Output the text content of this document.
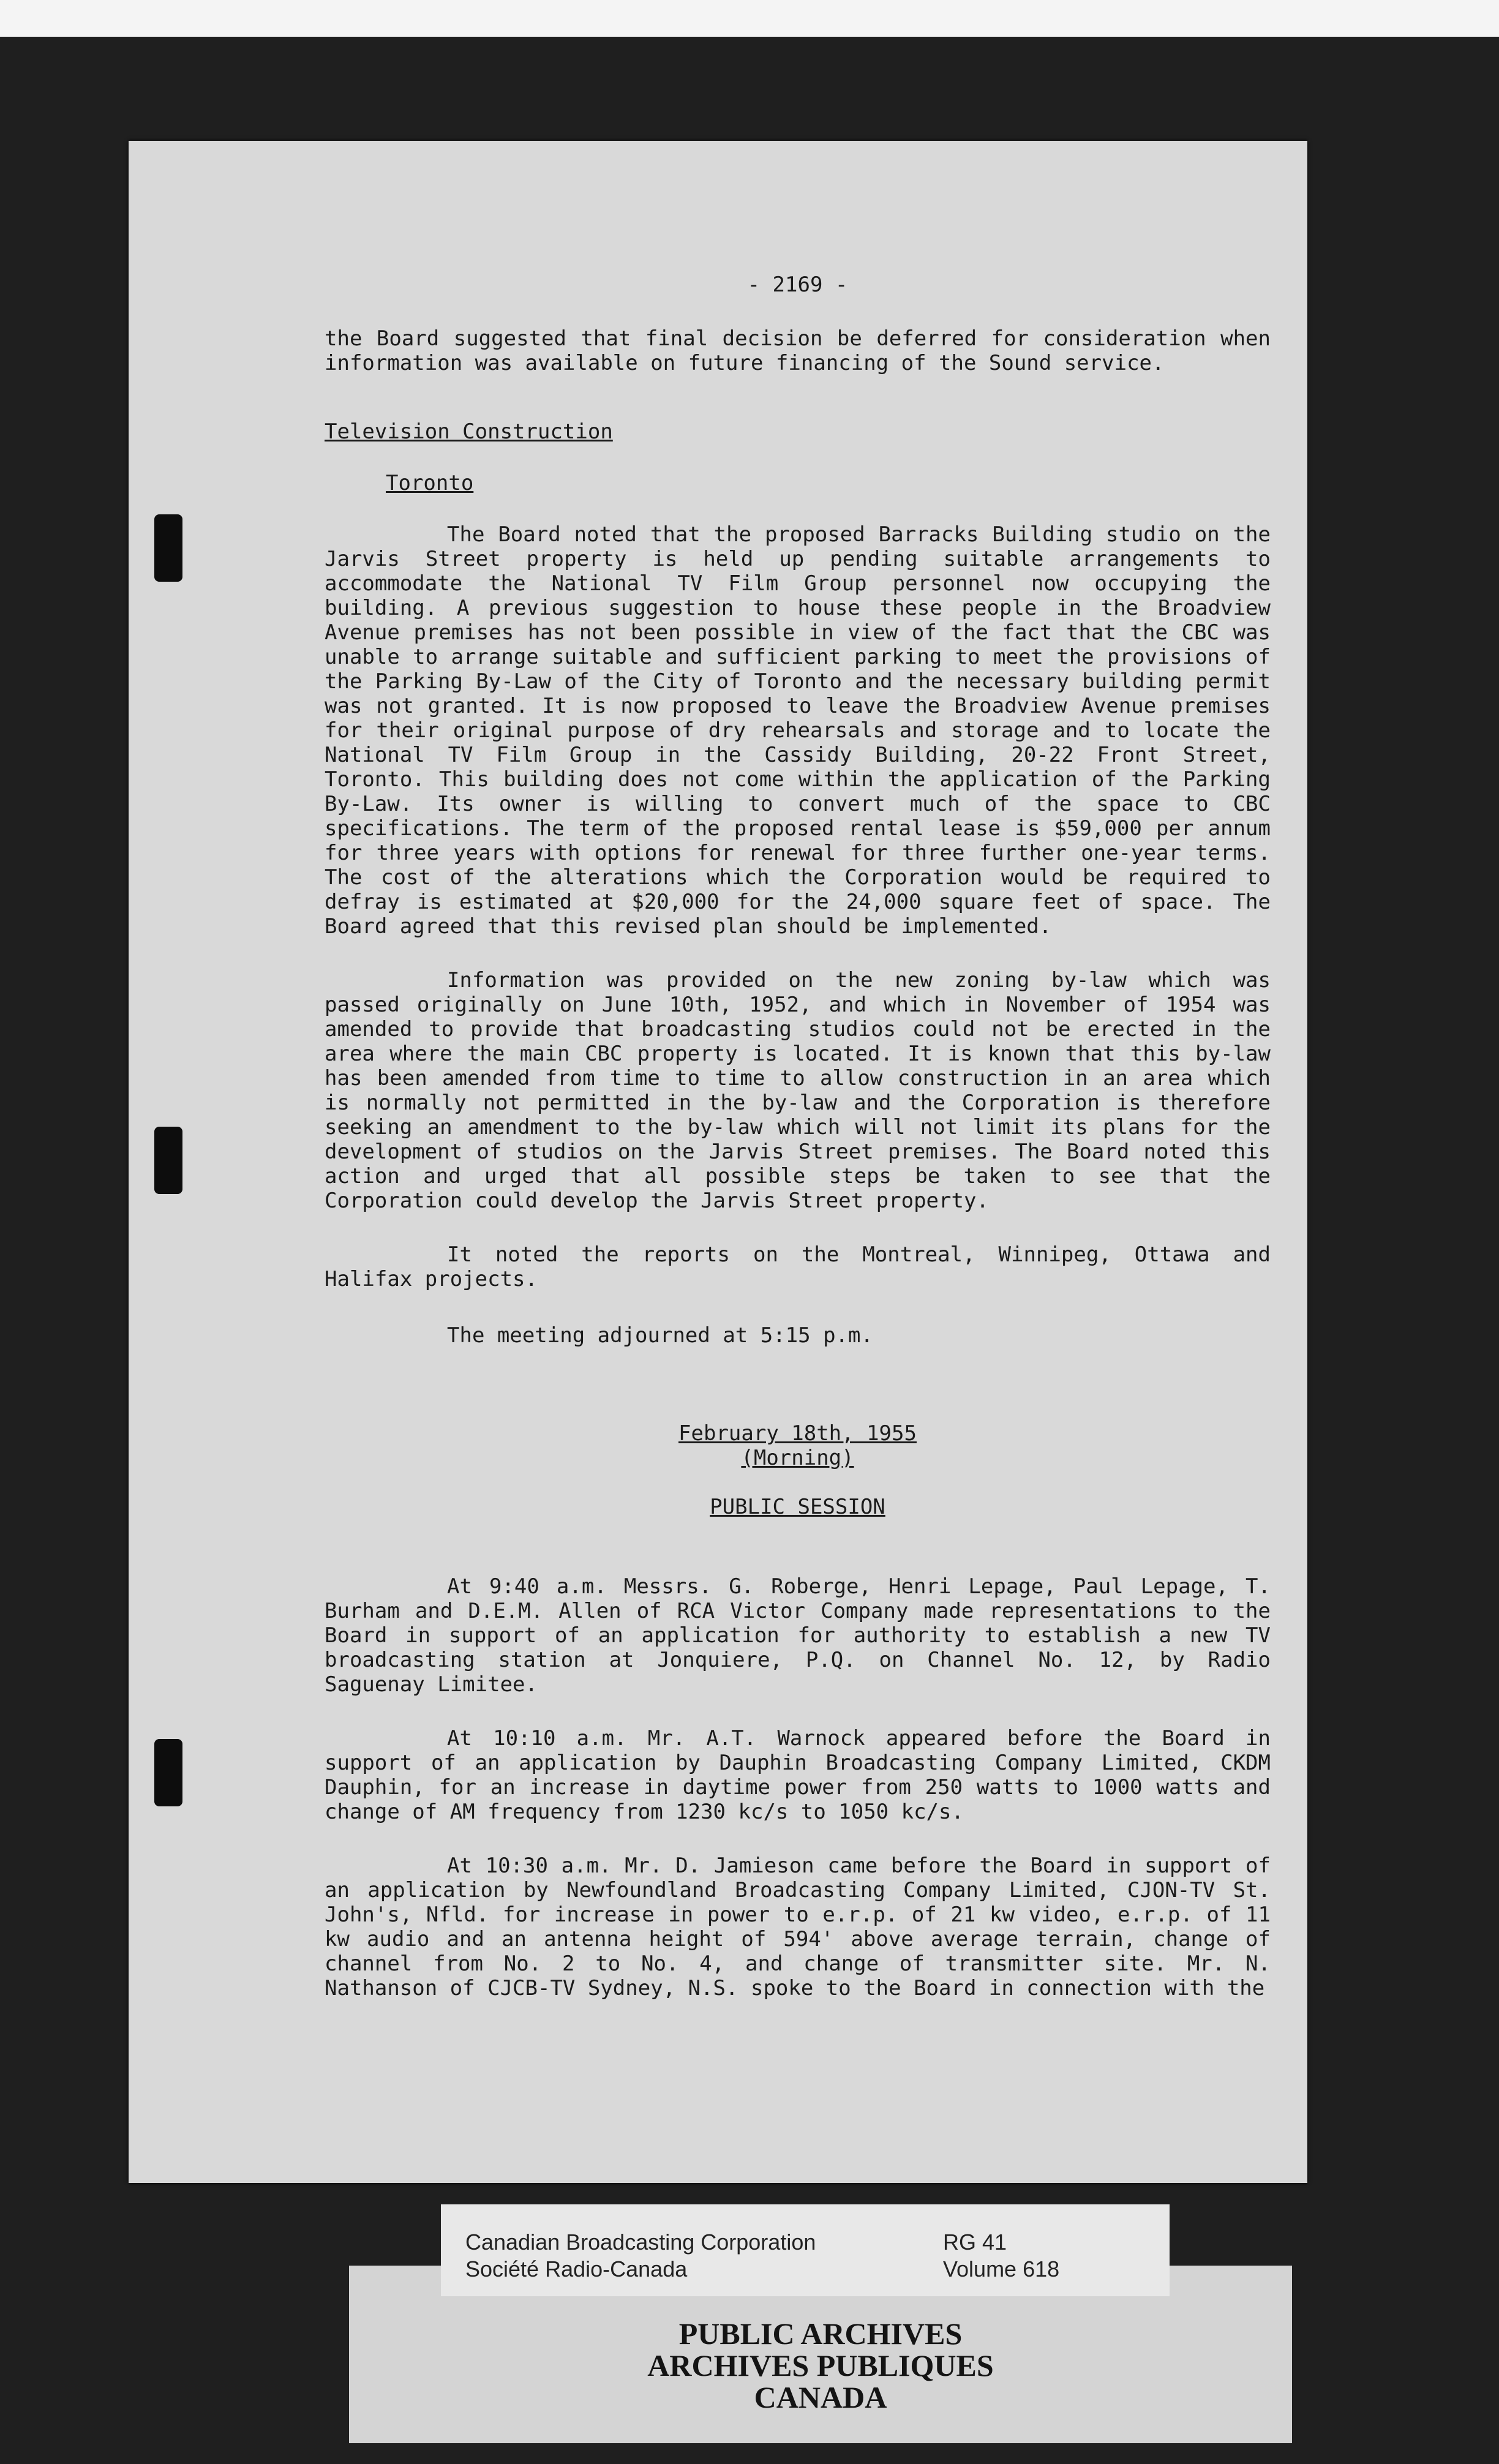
- 2169 -

the Board suggested that final decision be deferred for consideration when information was available on future financing of the Sound service.

Television Construction
Toronto

The Board noted that the proposed Barracks Building studio on the Jarvis Street property is held up pending suitable arrangements to accommodate the National TV Film Group personnel now occupying the building. A previous suggestion to house these people in the Broadview Avenue premises has not been possible in view of the fact that the CBC was unable to arrange suitable and sufficient parking to meet the provisions of the Parking By-Law of the City of Toronto and the necessary building permit was not granted. It is now proposed to leave the Broadview Avenue premises for their original purpose of dry rehearsals and storage and to locate the National TV Film Group in the Cassidy Building, 20-22 Front Street, Toronto. This building does not come within the application of the Parking By-Law. Its owner is willing to convert much of the space to CBC specifications. The term of the proposed rental lease is $59,000 per annum for three years with options for renewal for three further one-year terms. The cost of the alterations which the Corporation would be required to defray is estimated at $20,000 for the 24,000 square feet of space. The Board agreed that this revised plan should be implemented.

Information was provided on the new zoning by-law which was passed originally on June 10th, 1952, and which in November of 1954 was amended to provide that broadcasting studios could not be erected in the area where the main CBC property is located. It is known that this by-law has been amended from time to time to allow construction in an area which is normally not permitted in the by-law and the Corporation is therefore seeking an amendment to the by-law which will not limit its plans for the development of studios on the Jarvis Street premises. The Board noted this action and urged that all possible steps be taken to see that the Corporation could develop the Jarvis Street property.

It noted the reports on the Montreal, Winnipeg, Ottawa and Halifax projects.

The meeting adjourned at 5:15 p.m.
February 18th, 1955
(Morning)
PUBLIC SESSION

At 9:40 a.m. Messrs. G. Roberge, Henri Lepage, Paul Lepage, T. Burham and D.E.M. Allen of RCA Victor Company made representations to the Board in support of an application for authority to establish a new TV broadcasting station at Jonquiere, P.Q. on Channel No. 12, by Radio Saguenay Limitee.

At 10:10 a.m. Mr. A.T. Warnock appeared before the Board in support of an application by Dauphin Broadcasting Company Limited, CKDM Dauphin, for an increase in daytime power from 250 watts to 1000 watts and change of AM frequency from 1230 kc/s to 1050 kc/s.

At 10:30 a.m. Mr. D. Jamieson came before the Board in support of an application by Newfoundland Broadcasting Company Limited, CJON-TV St. John's, Nfld. for increase in power to e.r.p. of 21 kw video, e.r.p. of 11 kw audio and an antenna height of 594' above average terrain, change of channel from No. 2 to No. 4, and change of transmitter site. Mr. N. Nathanson of CJCB-TV Sydney, N.S. spoke to the Board in connection with the

PUBLIC ARCHIVES
ARCHIVES PUBLIQUES
CANADA
Canadian Broadcasting Corporation
Société Radio-Canada
RG 41
Volume 618
